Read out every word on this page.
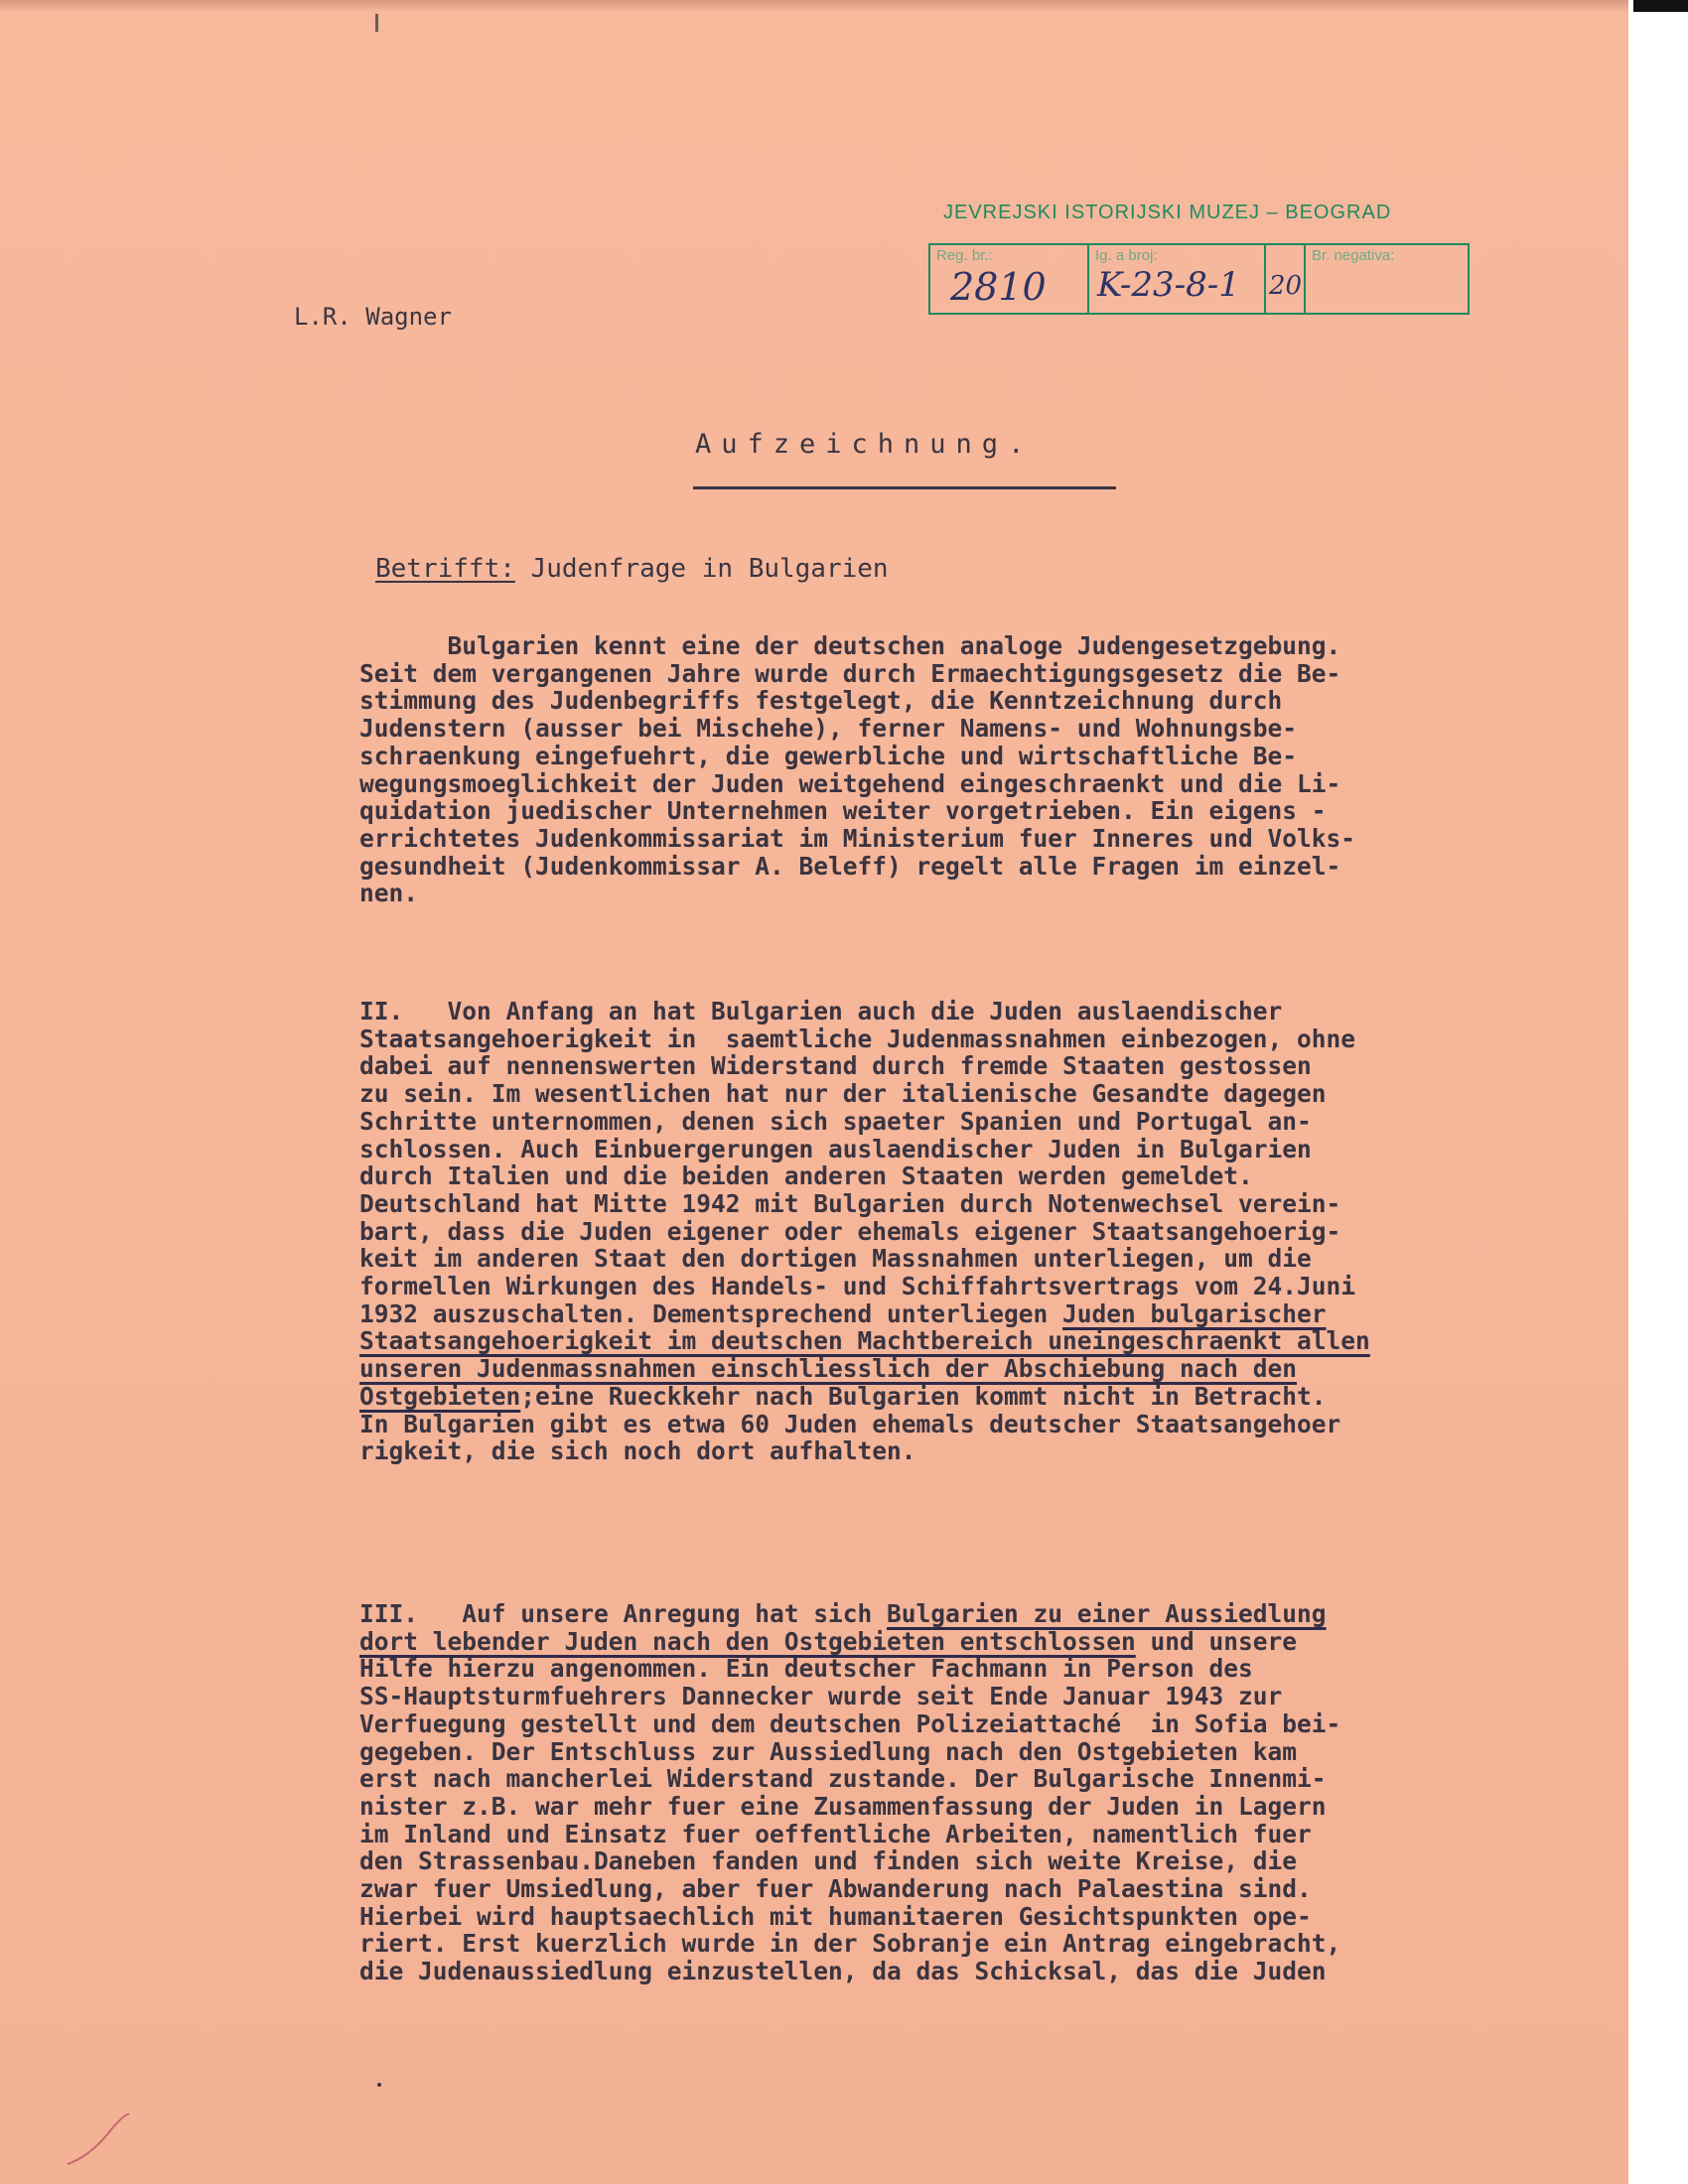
JEVREJSKI ISTORIJSKI MUZEJ – BEOGRAD
Reg. br.:
2810
Ig. a broj:
K-23-8-1 20
Br. negativa:
L.R. Wagner
Aufzeichnung.
Betrifft: Judenfrage in Bulgarien
Bulgarien kennt eine der deutschen analoge Judengesetzgebung.
Seit dem vergangenen Jahre wurde durch Ermaechtigungsgesetz die Be-
stimmung des Judenbegriffs festgelegt, die Kenntzeichnung durch
Judenstern (ausser bei Mischehe), ferner Namens- und Wohnungsbe-
schraenkung eingefuehrt, die gewerbliche und wirtschaftliche Be-
wegungsmoeglichkeit der Juden weitgehend eingeschraenkt und die Li-
quidation juedischer Unternehmen weiter vorgetrieben. Ein eigens -
errichtetes Judenkommissariat im Ministerium fuer Inneres und Volks-
gesundheit (Judenkommissar A. Beleff) regelt alle Fragen im einzel-
nen.
II.   Von Anfang an hat Bulgarien auch die Juden auslaendischer
Staatsangehoerigkeit in  saemtliche Judenmassnahmen einbezogen, ohne
dabei auf nennenswerten Widerstand durch fremde Staaten gestossen
zu sein. Im wesentlichen hat nur der italienische Gesandte dagegen
Schritte unternommen, denen sich spaeter Spanien und Portugal an-
schlossen. Auch Einbuergerungen auslaendischer Juden in Bulgarien
durch Italien und die beiden anderen Staaten werden gemeldet.
Deutschland hat Mitte 1942 mit Bulgarien durch Notenwechsel verein-
bart, dass die Juden eigener oder ehemals eigener Staatsangehoerig-
keit im anderen Staat den dortigen Massnahmen unterliegen, um die
formellen Wirkungen des Handels- und Schiffahrtsvertrags vom 24.Juni
1932 auszuschalten. Dementsprechend unterliegen Juden bulgarischer
Staatsangehoerigkeit im deutschen Machtbereich uneingeschraenkt allen
unseren Judenmassnahmen einschliesslich der Abschiebung nach den
Ostgebieten;eine Rueckkehr nach Bulgarien kommt nicht in Betracht.
In Bulgarien gibt es etwa 60 Juden ehemals deutscher Staatsangehoer
rigkeit, die sich noch dort aufhalten.
III.   Auf unsere Anregung hat sich Bulgarien zu einer Aussiedlung
dort lebender Juden nach den Ostgebieten entschlossen und unsere
Hilfe hierzu angenommen. Ein deutscher Fachmann in Person des
SS-Hauptsturmfuehrers Dannecker wurde seit Ende Januar 1943 zur
Verfuegung gestellt und dem deutschen Polizeiattaché  in Sofia bei-
gegeben. Der Entschluss zur Aussiedlung nach den Ostgebieten kam
erst nach mancherlei Widerstand zustande. Der Bulgarische Innenmi-
nister z.B. war mehr fuer eine Zusammenfassung der Juden in Lagern
im Inland und Einsatz fuer oeffentliche Arbeiten, namentlich fuer
den Strassenbau.Daneben fanden und finden sich weite Kreise, die
zwar fuer Umsiedlung, aber fuer Abwanderung nach Palaestina sind.
Hierbei wird hauptsaechlich mit humanitaeren Gesichtspunkten ope-
riert. Erst kuerzlich wurde in der Sobranje ein Antrag eingebracht,
die Judenaussiedlung einzustellen, da das Schicksal, das die Juden
